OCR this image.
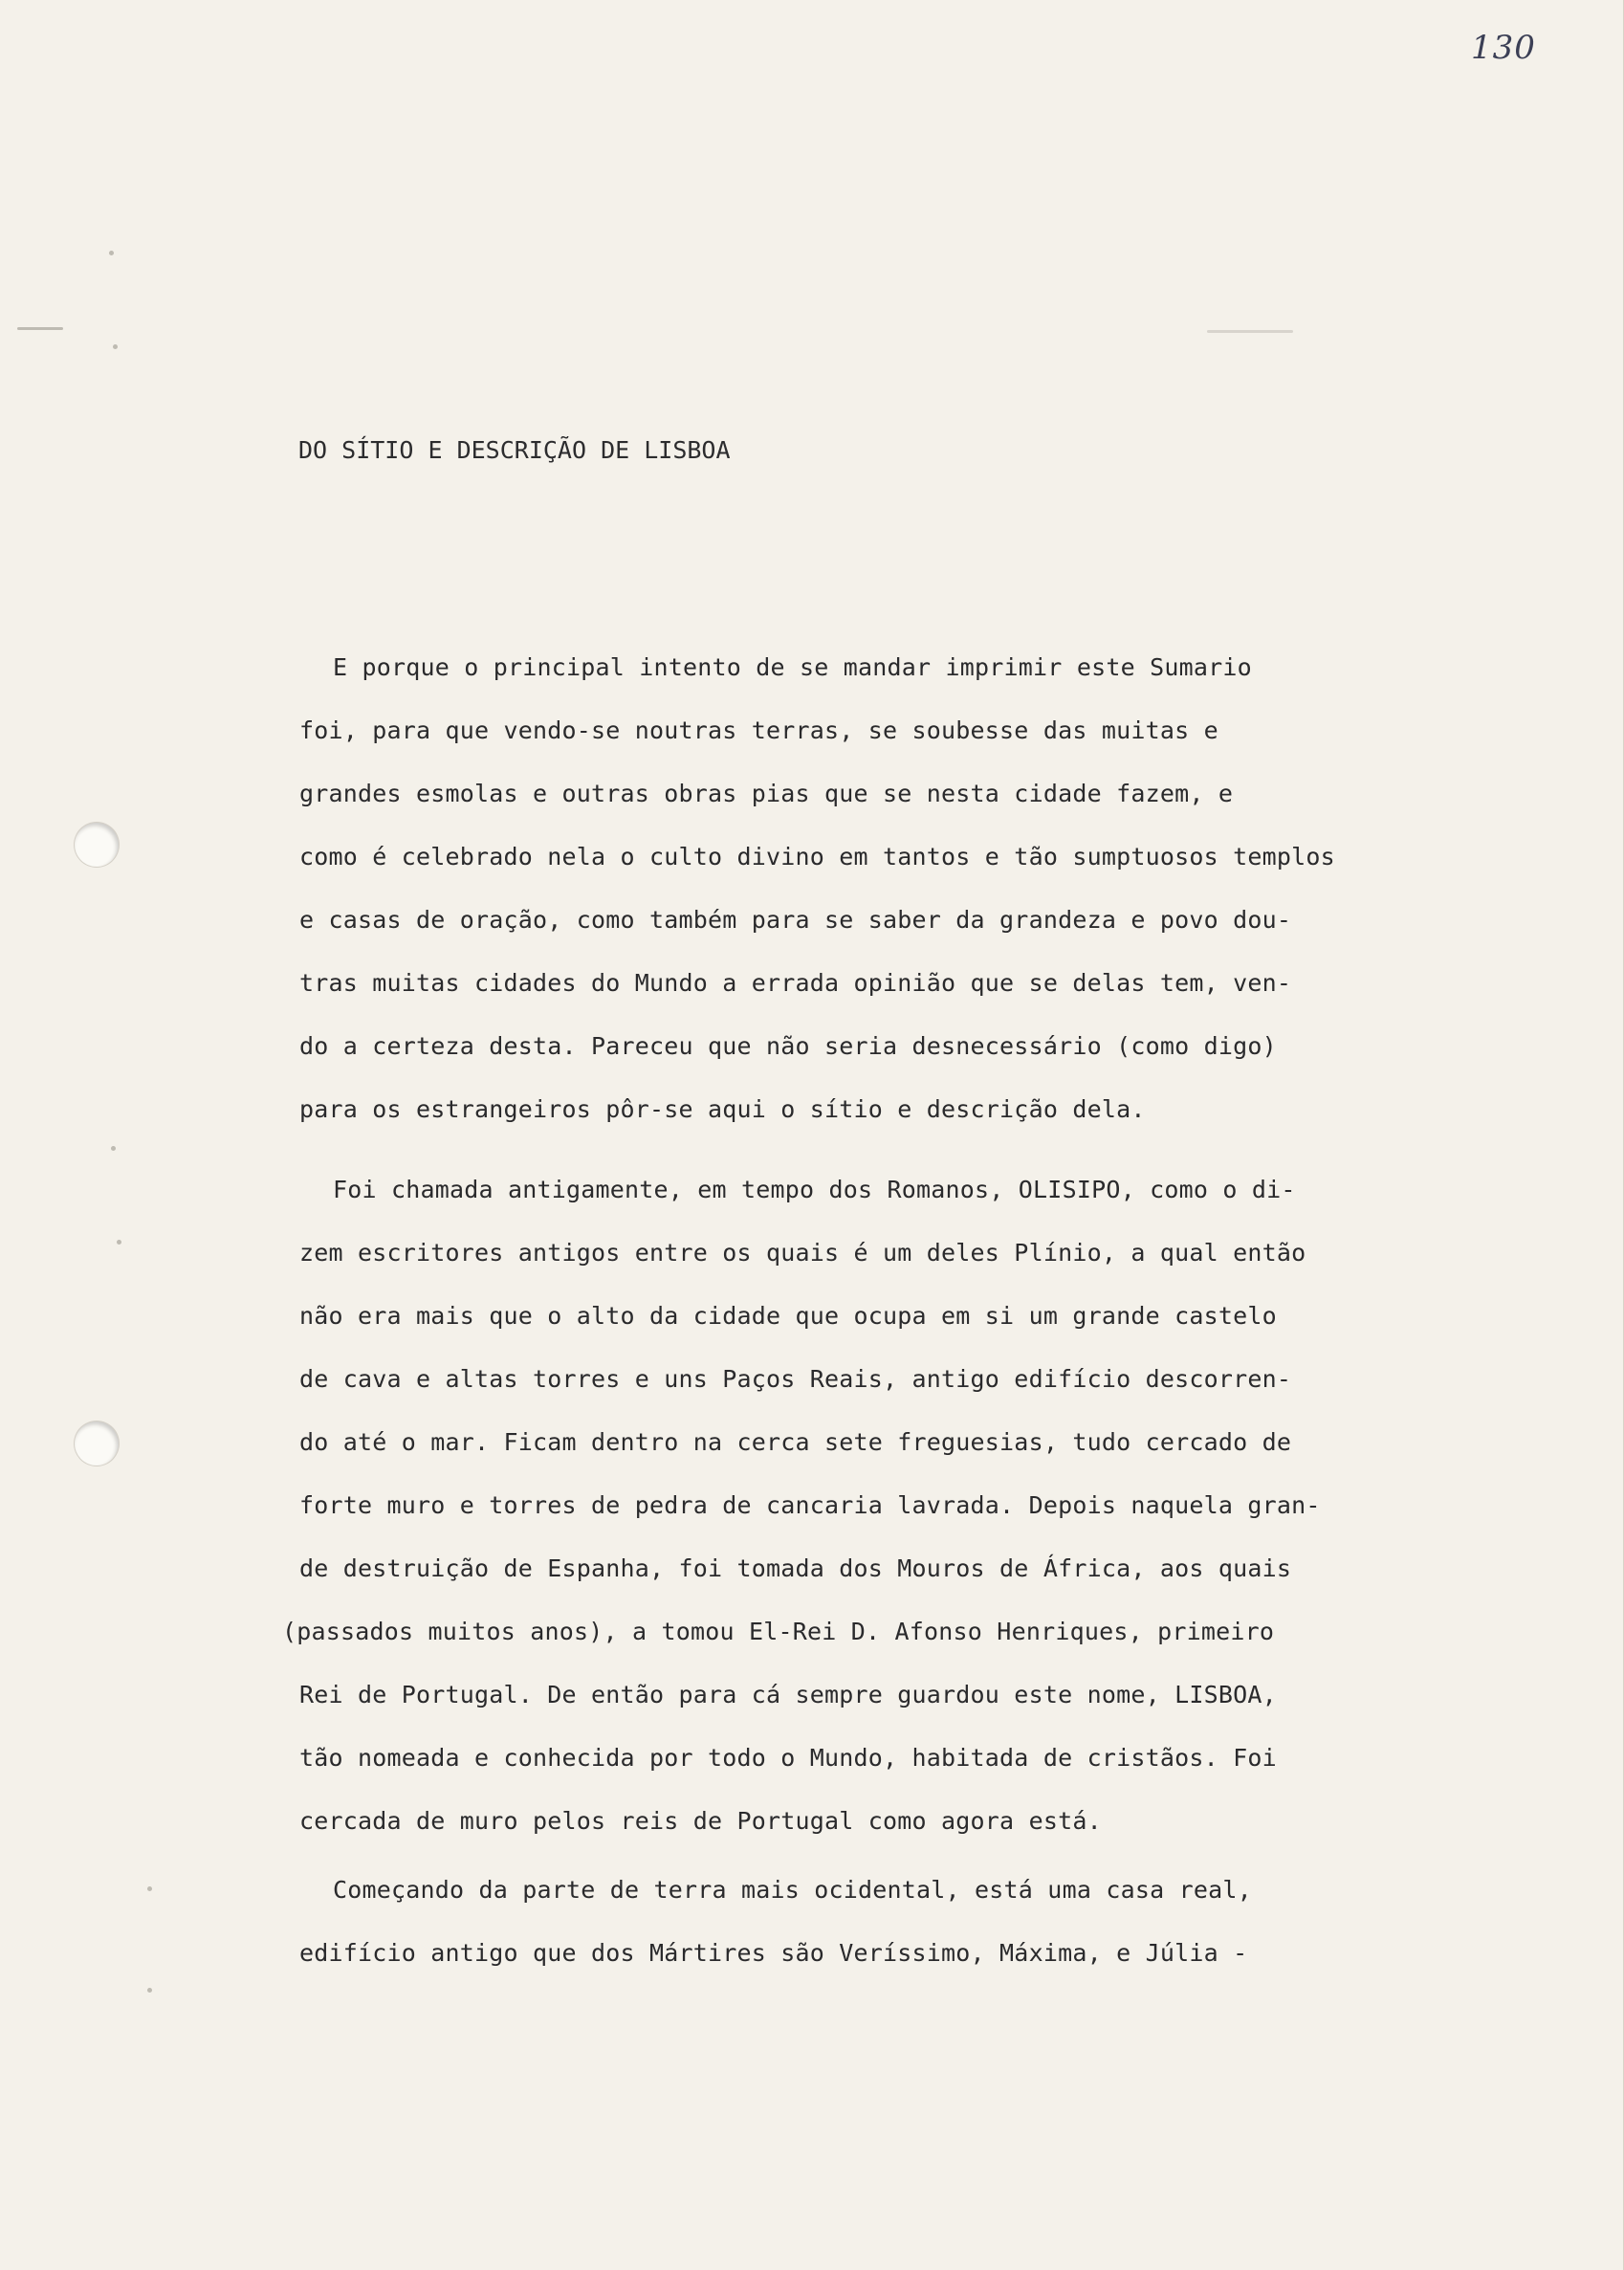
130
DO SÍTIO E DESCRIÇÃO DE LISBOA
E porque o principal intento de se mandar imprimir este Sumario
foi, para que vendo-se noutras terras, se soubesse das muitas e
grandes esmolas e outras obras pias que se nesta cidade fazem, e
como é celebrado nela o culto divino em tantos e tão sumptuosos templos
e casas de oração, como também para se saber da grandeza e povo dou-
tras muitas cidades do Mundo a errada opinião que se delas tem, ven-
do a certeza desta. Pareceu que não seria desnecessário (como digo)
para os estrangeiros pôr-se aqui o sítio e descrição dela.
Foi chamada antigamente, em tempo dos Romanos, OLISIPO, como o di-
zem escritores antigos entre os quais é um deles Plínio, a qual então
não era mais que o alto da cidade que ocupa em si um grande castelo
de cava e altas torres e uns Paços Reais, antigo edifício descorren-
do até o mar. Ficam dentro na cerca sete freguesias, tudo cercado de
forte muro e torres de pedra de cancaria lavrada. Depois naquela gran-
de destruição de Espanha, foi tomada dos Mouros de África, aos quais
(passados muitos anos), a tomou El-Rei D. Afonso Henriques, primeiro
Rei de Portugal. De então para cá sempre guardou este nome, LISBOA,
tão nomeada e conhecida por todo o Mundo, habitada de cristãos. Foi
cercada de muro pelos reis de Portugal como agora está.
Começando da parte de terra mais ocidental, está uma casa real,
edifício antigo que dos Mártires são Veríssimo, Máxima, e Júlia -
